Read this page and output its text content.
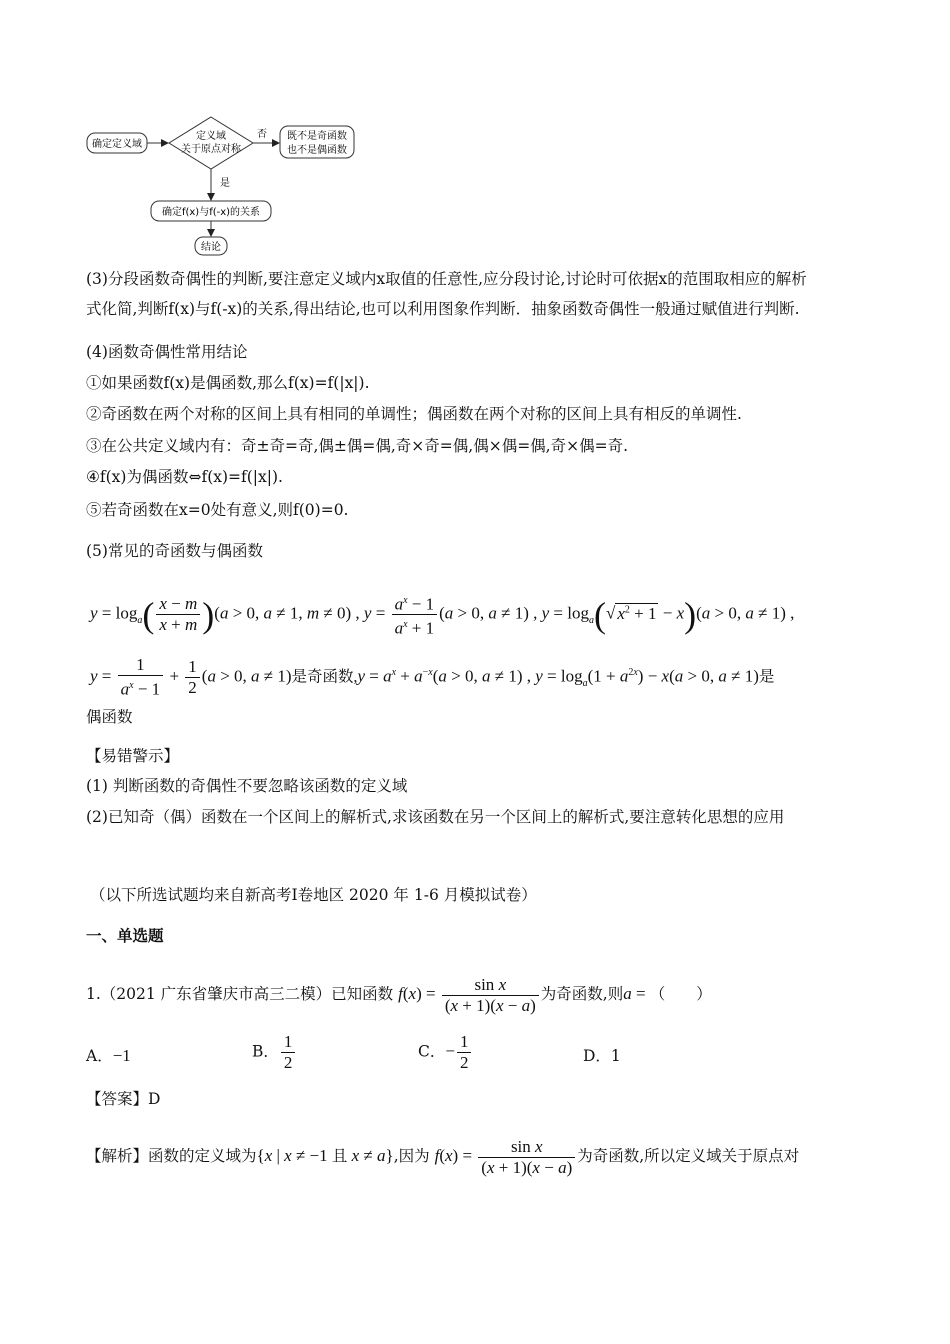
确定定义域
定义域
关于原点对称
否 既不是奇函数
也不是偶函数
是
确定f(x)与f(-x)的关系
结论
(3)分段函数奇偶性的判断,要注意定义域内x取值的任意性,应分段讨论,讨论时可依据x的范围取相应的解析
式化简,判断f(x)与f(-x)的关系,得出结论,也可以利用图象作判断．抽象函数奇偶性一般通过赋值进行判断.
(4)函数奇偶性常用结论
①如果函数f(x)是偶函数,那么f(x)=f(|x|).
②奇函数在两个对称的区间上具有相同的单调性；偶函数在两个对称的区间上具有相反的单调性.
③在公共定义域内有：奇±奇=奇,偶±偶=偶,奇×奇=偶,偶×偶=偶,奇×偶=奇.
④f(x)为偶函数⇔f(x)=f(|x|).
⑤若奇函数在x=0处有意义,则f(0)=0.
(5)常见的奇函数与偶函数
$y = \log_a( \frac{x - m}{x + m} )(a > 0$, a ≠ 1, m ≠ 0) , $y = \frac{a^x - 1}{a^x + 1} (a > 0$, a ≠ 1) , $y = \log_a(√$ $x^2 + 1 - x)(a > 0$, a ≠ 1) ,
$y = \frac{1}{a^x - 1} + \frac{1}{2} (a > 0$, a ≠ 1)是奇函数$,y = a^x + a^{-x}(a > 0$, a ≠ 1) , $y = \log_a(1 + a^{2x}) - x(a > 0$, a ≠ 1)是
偶函数
【易错警示】
(1) 判断函数的奇偶性不要忽略该函数的定义域
(2)已知奇（偶）函数在一个区间上的解析式,求该函数在另一个区间上的解析式,要注意转化思想的应用
（以下所选试题均来自新高考Ⅰ卷地区 2020 年 1-6 月模拟试卷）
一、单选题
1.（2021 广东省肇庆市高三二模）已知函数 $f(x) = \frac{\text{sin x}}{(x + 1)(x - a)}$ 为奇函数,则a = （　　）
A．−1	B． $\frac{1}{2}$	C．− $\frac{1}{2}$	D．1
【答案】D
【解析】函数的定义域为{x | x ≠ −1 且 x ≠ a},因为 $f(x) = \frac{\text{sin x}}{(x + 1)(x - a)}$ 为奇函数,所以定义域关于原点对
